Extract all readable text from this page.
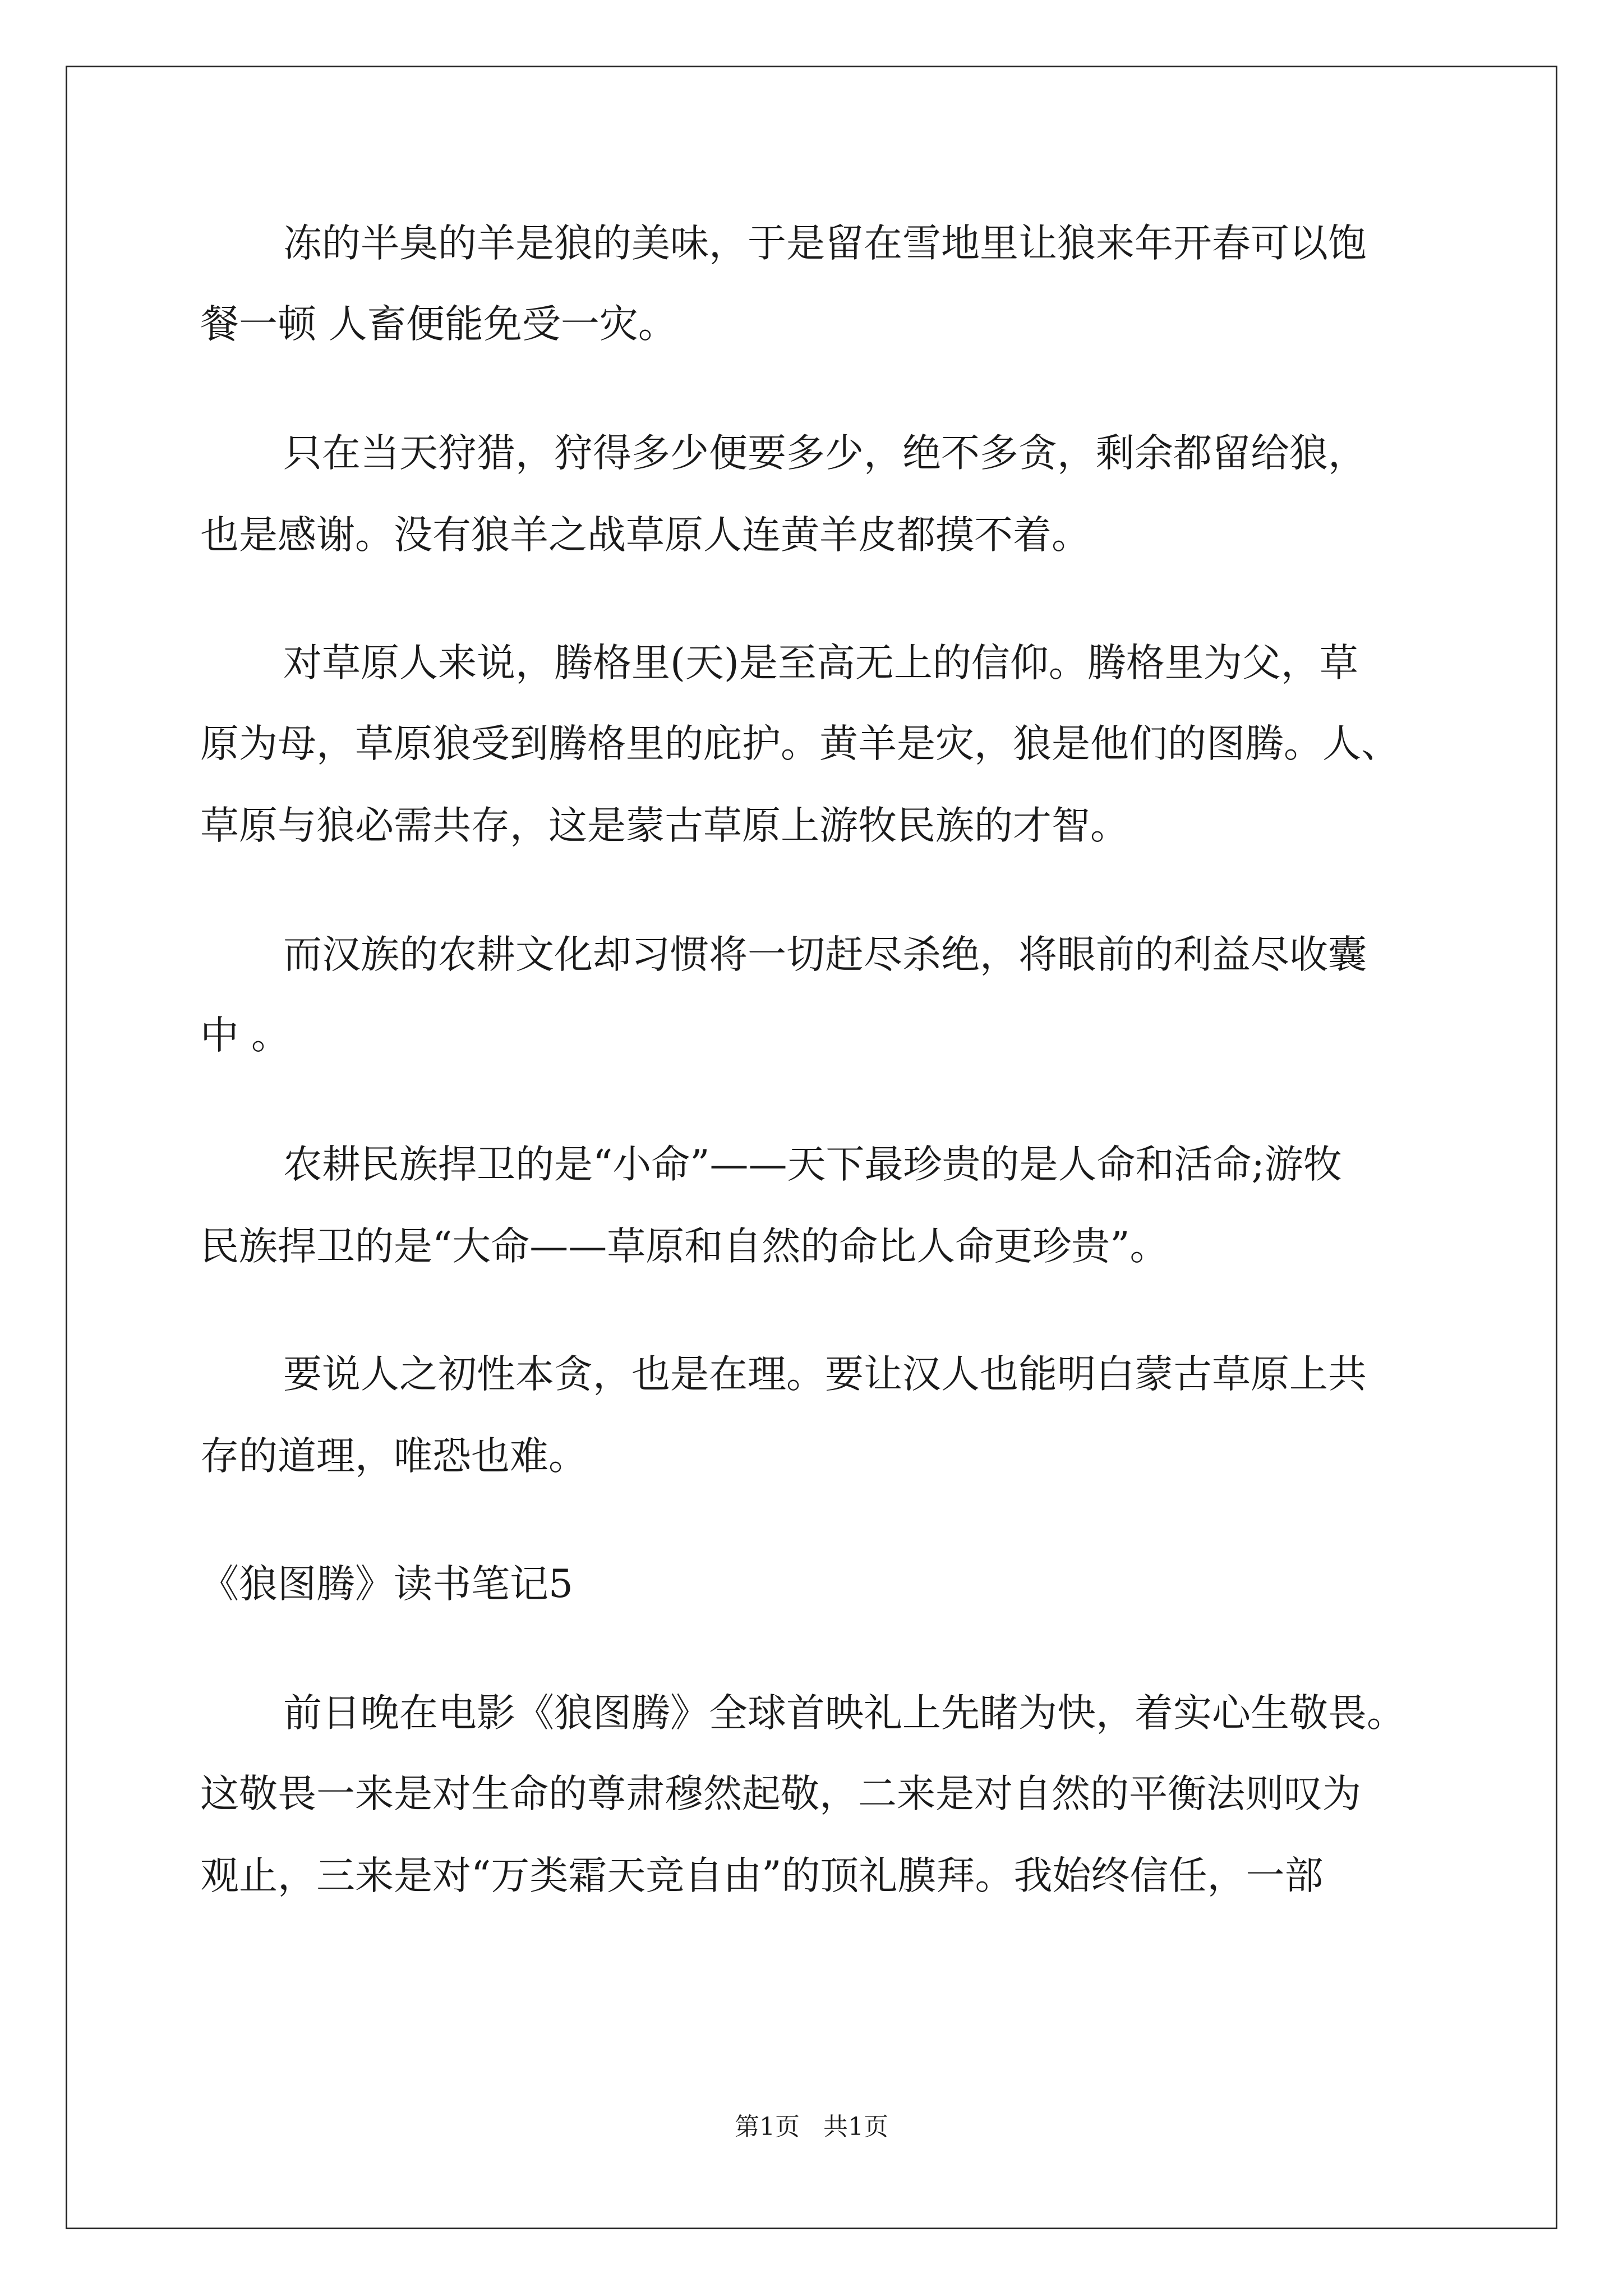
冻的半臭的羊是狼的美味，于是留在雪地里让狼来年开春可以饱
餐一顿 人畜便能免受一灾。
只在当天狩猎，狩得多少便要多少，绝不多贪，剩余都留给狼，
也是感谢。没有狼羊之战草原人连黄羊皮都摸不着。
对草原人来说，腾格里(天)是至高无上的信仰。腾格里为父，草
原为母，草原狼受到腾格里的庇护。黄羊是灾，狼是他们的图腾。人、
草原与狼必需共存，这是蒙古草原上游牧民族的才智。
而汉族的农耕文化却习惯将一切赶尽杀绝，将眼前的利益尽收囊
中 。
农耕民族捍卫的是“小命”——天下最珍贵的是人命和活命;游牧
民族捍卫的是“大命——草原和自然的命比人命更珍贵”。
要说人之初性本贪，也是在理。要让汉人也能明白蒙古草原上共
存的道理，唯恐也难。
《狼图腾》读书笔记5
前日晚在电影《狼图腾》全球首映礼上先睹为快，着实心生敬畏。
这敬畏一来是对生命的尊肃穆然起敬，二来是对自然的平衡法则叹为
观止，三来是对“万类霜天竞自由”的顶礼膜拜。我始终信任，一部
第1页   共1页
